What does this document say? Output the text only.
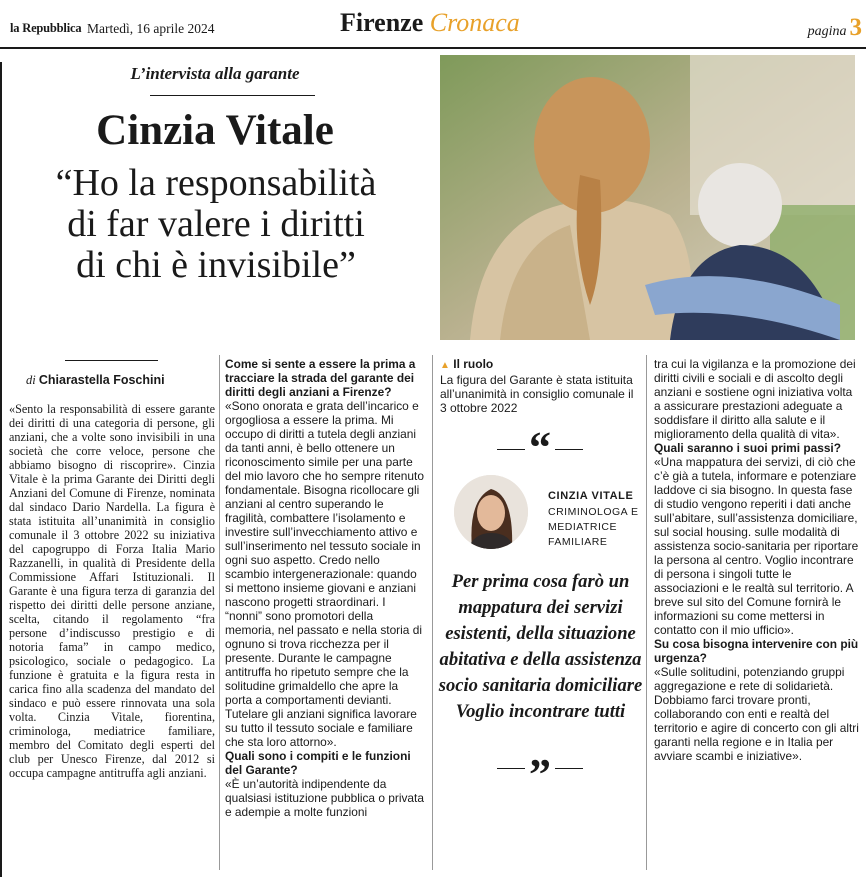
la Repubblica Martedì, 16 aprile 2024	Firenze Cronaca	pagina 3
L’intervista alla garante
Cinzia Vitale
“Ho la responsabilità
di far valere i diritti
di chi è invisibile”
di Chiarastella Foschini
«Sento la responsabilità di essere garante dei diritti di una categoria di persone, gli anziani, che a volte sono invisibili in una società che corre veloce, persone che abbiamo bisogno di riscoprire». Cinzia Vitale è la prima Garante dei Diritti degli Anziani del Comune di Firenze, nominata dal sindaco Dario Nardella. La figura è stata istituita all’unanimità in consiglio comunale il 3 ottobre 2022 su iniziativa del capogruppo di Forza Italia Mario Razzanelli, in qualità di Presidente della Commissione Affari Istituzionali. Il Garante è una figura terza di garanzia del rispetto dei diritti delle persone anziane, scelta, citando il regolamento “fra persone d’indiscusso prestigio e di notoria fama” in campo medico, psicologico, sociale o pedagogico. La funzione è gratuita e la figura resta in carica fino alla scadenza del mandato del sindaco e può essere rinnovata una sola volta. Cinzia Vitale, fiorentina, criminologa, mediatrice familiare, membro del Comitato degli esperti del club per Unesco Firenze, dal 2012 si occupa campagne antitruffa agli anziani.
Come si sente a essere la prima a tracciare la strada del garante dei diritti degli anziani a Firenze?
«Sono onorata e grata dell’incarico e orgogliosa a essere la prima. Mi occupo di diritti a tutela degli anziani da tanti anni, è bello ottenere un riconoscimento simile per una parte del mio lavoro che ho sempre ritenuto fondamentale. Bisogna ricollocare gli anziani al centro superando le fragilità, combattere l’isolamento e investire sull’invecchiamento attivo e sull’inserimento nel tessuto sociale in ogni suo aspetto. Credo nello scambio intergenerazionale: quando si mettono insieme giovani e anziani nascono progetti straordinari. I “nonni” sono promotori della memoria, nel passato e nella storia di ognuno si trova ricchezza per il presente. Durante le campagne antitruffa ho ripetuto sempre che la solitudine grimaldello che apre la porta a comportamenti devianti. Tutelare gli anziani significa lavorare su tutto il tessuto sociale e familiare che sta loro attorno».
Quali sono i compiti e le funzioni del Garante?
«È un’autorità indipendente da qualsiasi istituzione pubblica o privata e adempie a molte funzioni
▲ Il ruolo
La figura del Garante è stata istituita all’unanimità in consiglio comunale il 3 ottobre 2022
“
CINZIA VITALE
CRIMINOLOGA E MEDIATRICE FAMILIARE
Per prima cosa farò un mappatura dei servizi esistenti, della situazione abitativa e della assistenza socio sanitaria domiciliare Voglio incontrare tutti
”
tra cui la vigilanza e la promozione dei diritti civili e sociali e di ascolto degli anziani e sostiene ogni iniziativa volta a assicurare prestazioni adeguate a soddisfare il diritto alla salute e il miglioramento della qualità di vita».
Quali saranno i suoi primi passi?
«Una mappatura dei servizi, di ciò che c’è già a tutela, informare e potenziare laddove ci sia bisogno. In questa fase di studio vengono reperiti i dati anche sull’abitare, sull’assistenza domiciliare, sul social housing. sulle modalità di assistenza socio-sanitaria per riportare la persona al centro. Voglio incontrare di persona i singoli tutte le associazioni e le realtà sul territorio. A breve sul sito del Comune fornirà le informazioni su come mettersi in contatto con il mio ufficio».
Su cosa bisogna intervenire con più urgenza?
«Sulle solitudini, potenziando gruppi aggregazione e rete di solidarietà. Dobbiamo farci trovare pronti, collaborando con enti e realtà del territorio e agire di concerto con gli altri garanti nella regione e in Italia per avviare scambi e iniziative».
